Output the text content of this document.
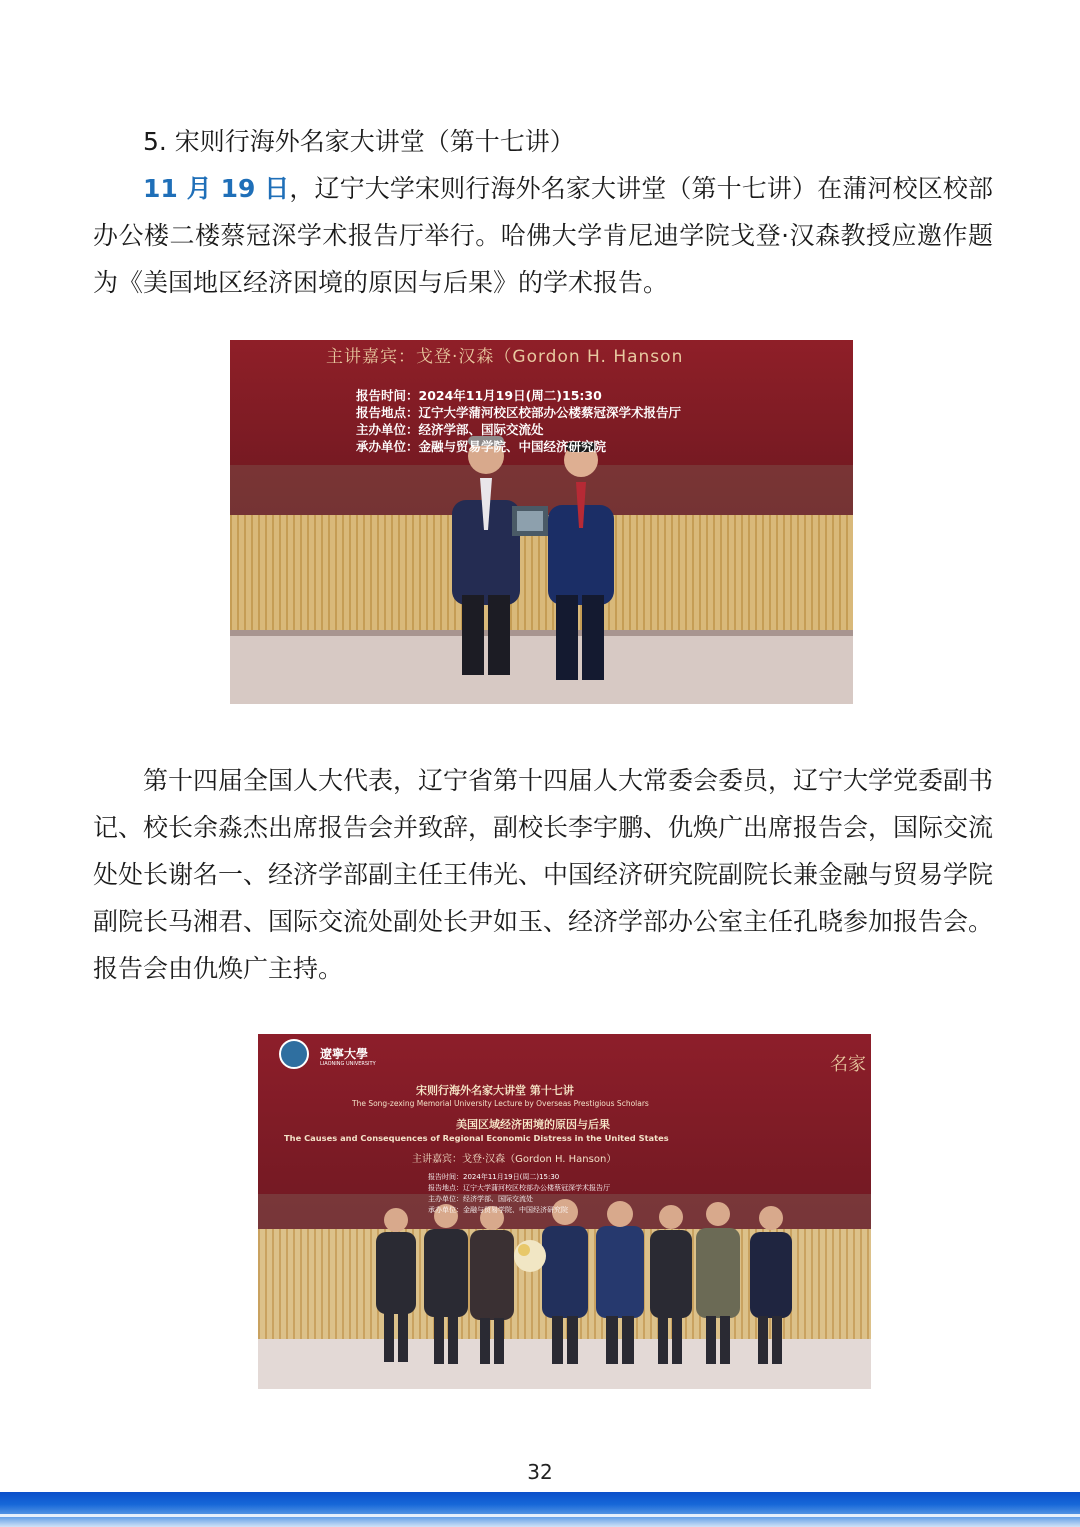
5. 宋则行海外名家大讲堂（第十七讲）

11 月 19 日，辽宁大学宋则行海外名家大讲堂（第十七讲）在蒲河校区校部办公楼二楼蔡冠深学术报告厅举行。哈佛大学肯尼迪学院戈登·汉森教授应邀作题为《美国地区经济困境的原因与后果》的学术报告。

主讲嘉宾：戈登·汉森（Gordon H. Hanson
报告时间：2024年11月19日(周二)15:30
报告地点：辽宁大学蒲河校区校部办公楼蔡冠深学术报告厅
主办单位：经济学部、国际交流处
承办单位：金融与贸易学院、中国经济研究院

第十四届全国人大代表，辽宁省第十四届人大常委会委员，辽宁大学党委副书记、校长余淼杰出席报告会并致辞，副校长李宇鹏、仇焕广出席报告会，国际交流处处长谢名一、经济学部副主任王伟光、中国经济研究院副院长兼金融与贸易学院副院长马湘君、国际交流处副处长尹如玉、经济学部办公室主任孔晓参加报告会。报告会由仇焕广主持。

遼寧大學
LIAONING UNIVERSITY	名家
宋则行海外名家大讲堂 第十七讲
The Song-zexing Memorial University Lecture by Overseas Prestigious Scholars
美国区域经济困境的原因与后果
The Causes and Consequences of Regional Economic Distress in the United States
主讲嘉宾：戈登·汉森（Gordon H. Hanson）
报告时间：2024年11月19日(周二)15:30
报告地点：辽宁大学蒲河校区校部办公楼蔡冠深学术报告厅
主办单位：经济学部、国际交流处
承办单位：金融与贸易学院、中国经济研究院
32
